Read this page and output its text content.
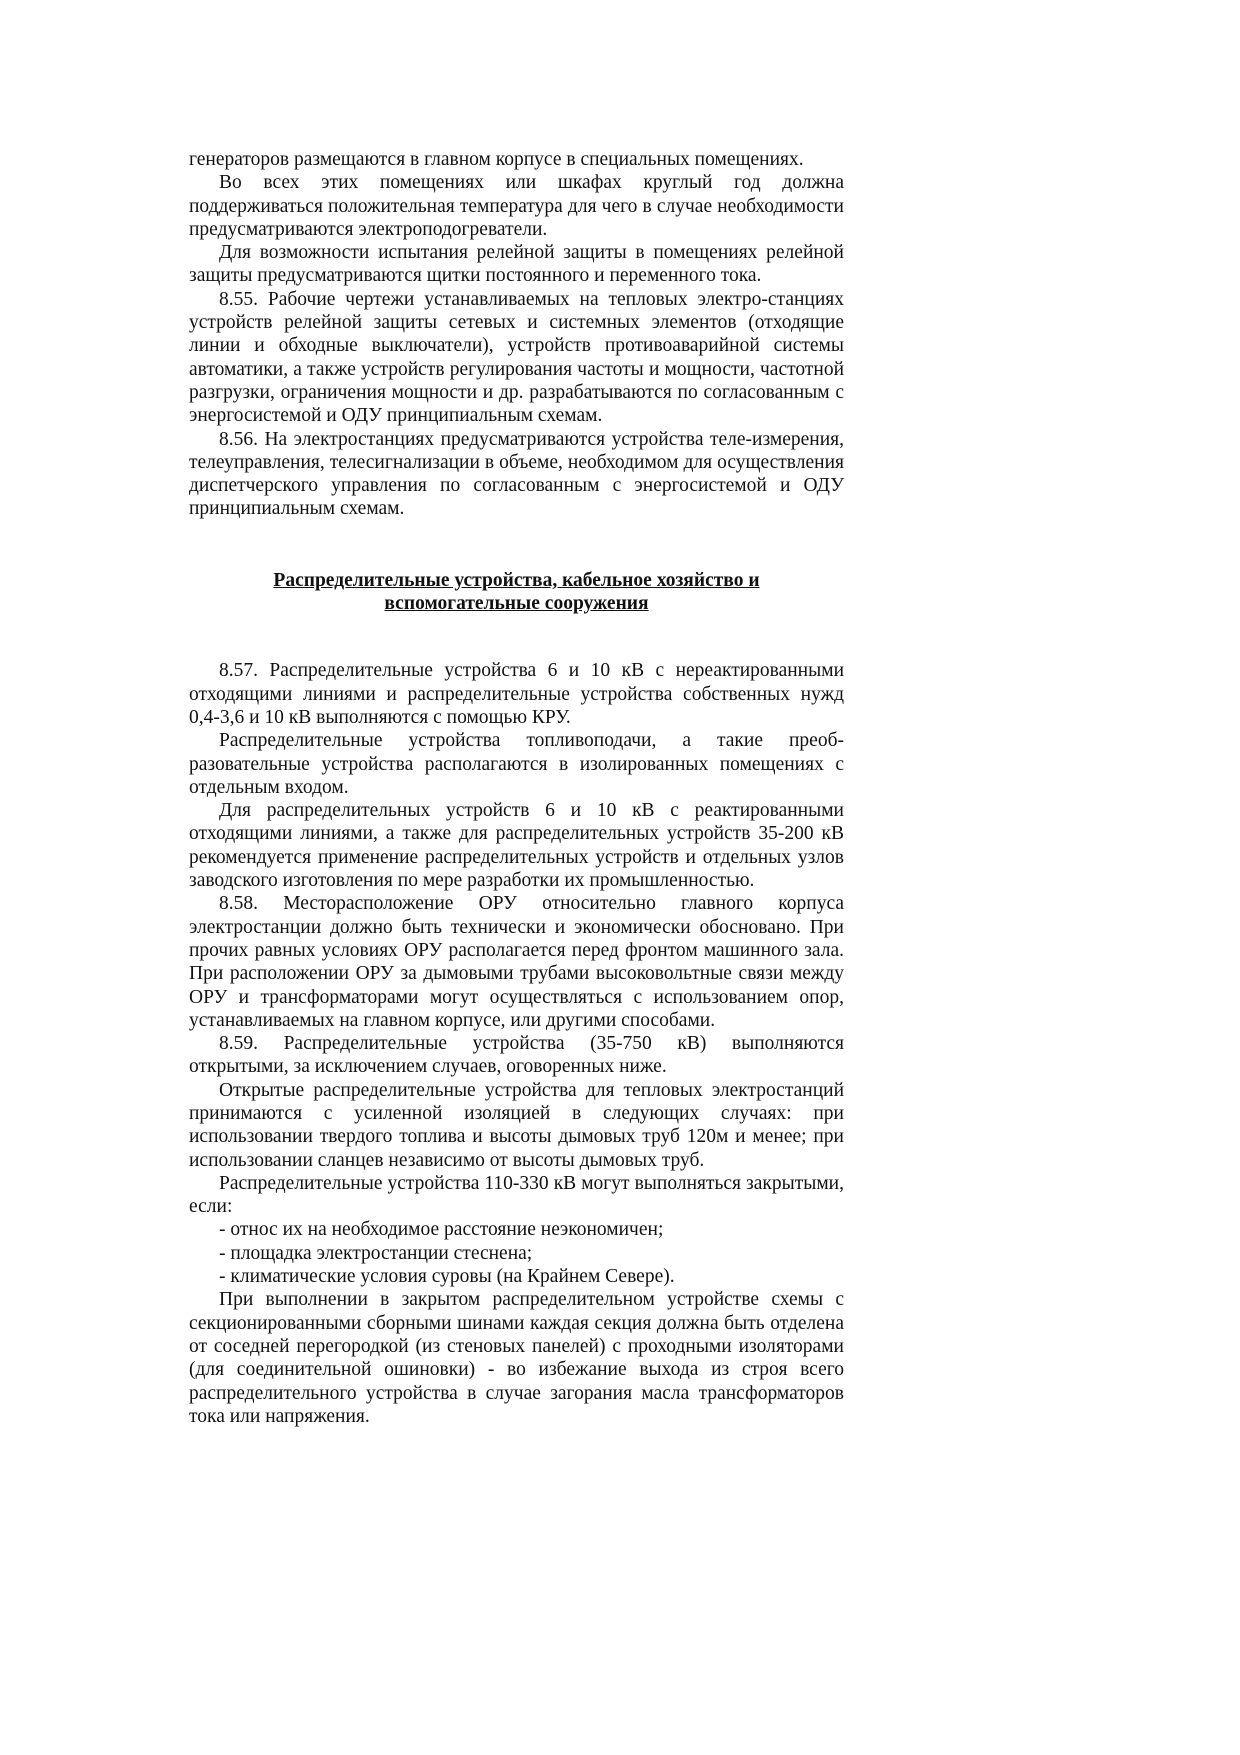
генераторов размещаются в главном корпусе в специальных помещениях.

Во всех этих помещениях или шкафах круглый год должна поддерживаться положительная температура для чего в случае необходимости предусматриваются электроподогреватели.

Для возможности испытания релейной защиты в помещениях релейной защиты предусматриваются щитки постоянного и переменного тока.

8.55. Рабочие чертежи устанавливаемых на тепловых электро-станциях устройств релейной защиты сетевых и системных элементов (отходящие линии и обходные выключатели), устройств противоаварийной системы автоматики, а также устройств регулирования частоты и мощности, частотной разгрузки, ограничения мощности и др. разрабатываются по согласованным с энергосистемой и ОДУ принципиальным схемам.

8.56. На электростанциях предусматриваются устройства теле-измерения, телеуправления, телесигнализации в объеме, необходимом для осуществления диспетчерского управления по согласованным с энергосистемой и ОДУ принципиальным схемам.

Распределительные устройства, кабельное хозяйство и
вспомогательные сооружения

8.57. Распределительные устройства 6 и 10 кВ с нереактированными отходящими линиями и распределительные устройства собственных нужд 0,4-3,6 и 10 кВ выполняются с помощью КРУ.

Распределительные устройства топливоподачи, а такие преоб-разовательные устройства располагаются в изолированных помещениях с отдельным входом.

Для распределительных устройств 6 и 10 кВ с реактированными отходящими линиями, а также для распределительных устройств 35-200 кВ рекомендуется применение распределительных устройств и отдельных узлов заводского изготовления по мере разработки их промышленностью.

8.58. Месторасположение ОРУ относительно главного корпуса электростанции должно быть технически и экономически обосновано. При прочих равных условиях ОРУ располагается перед фронтом машинного зала. При расположении ОРУ за дымовыми трубами высоковольтные связи между ОРУ и трансформаторами могут осуществляться с использованием опор, устанавливаемых на главном корпусе, или другими способами.

8.59. Распределительные устройства (35-750 кВ) выполняются открытыми, за исключением случаев, оговоренных ниже.

Открытые распределительные устройства для тепловых электростанций принимаются с усиленной изоляцией в следующих случаях: при использовании твердого топлива и высоты дымовых труб 120м и менее; при использовании сланцев независимо от высоты дымовых труб.

Распределительные устройства 110-330 кВ могут выполняться закрытыми, если:

- относ их на необходимое расстояние неэкономичен;

- площадка электростанции стеснена;

- климатические условия суровы (на Крайнем Севере).

При выполнении в закрытом распределительном устройстве схемы с секционированными сборными шинами каждая секция должна быть отделена от соседней перегородкой (из стеновых панелей) с проходными изоляторами (для соединительной ошиновки) - во избежание выхода из строя всего распределительного устройства в случае загорания масла трансформаторов тока или напряжения.
